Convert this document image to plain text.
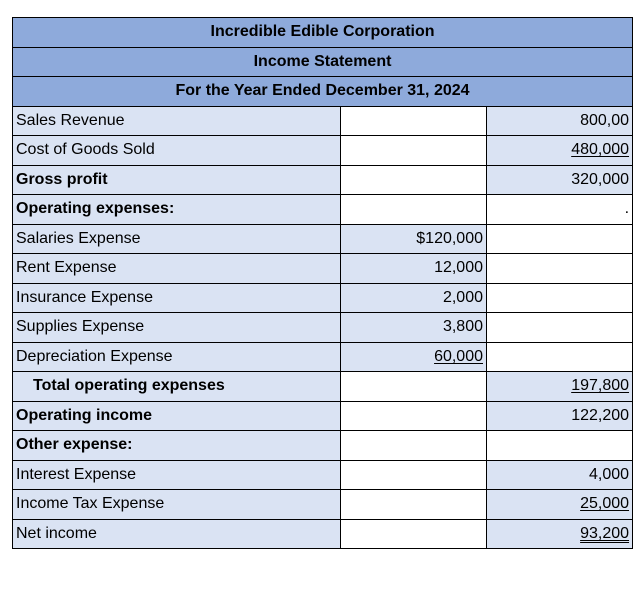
Incredible Edible Corporation		
Income Statement		
For the Year Ended December 31, 2024		
Sales Revenue		800,00
Cost of Goods Sold		480,000
Gross profit		320,000
Operating expenses:		.
Salaries Expense	$120,000	
Rent Expense	12,000	
Insurance Expense	2,000	
Supplies Expense	3,800	
Depreciation Expense	60,000	
Total operating expenses		197,800
Operating income		122,200
Other expense:		
Interest Expense		4,000
Income Tax Expense		25,000
Net income		93,200
